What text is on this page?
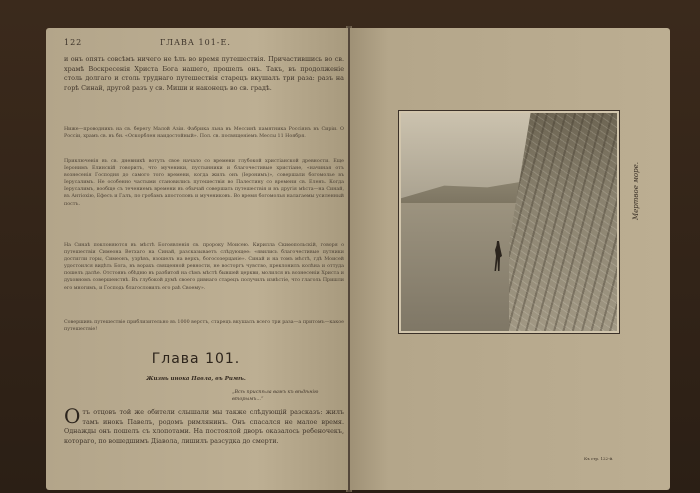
122	ГЛАВА 101-Е.
и онъ опять совсѣмъ ничего не ѣлъ во время путешествія. Причастившись во св. храмѣ Воскресенія Христа Бога нашего, прошелъ онъ. Такъ, въ продолженіе столь долгаго и столь труднаго путешествія старецъ вкушалъ три раза: разъ на горѣ Синай, другой разъ у св. Миши и наконецъ во св. градѣ.
Ниже—проводникъ на св. берегу Малой Азіи. Фабрика льна въ Мессинѣ памятника Россіянъ въ Сиріи. О Россіи, храмъ св. въ бн. «Оскорблен наидостойный». Пол. св. посвященіемъ Мессы 11 Ноября.
Приключенія въ св. дневникѣ вотуть свое начало со времени глубокой христіанской древности. Еще Іеронимъ Елинскій говоритъ, что мученики, пустынники и благочестивые христіане, «начиная отъ вознесенія Господня до самого того времени, когда жилъ онъ (Іеронимъ)», совершали богомолье въ Іерусалимъ. Не особенно частыми становились путешествія во Палестину со времени св. Еленъ. Когда Іерусалимъ, вообще съ течениемъ времени въ обычай совершать путешествія и въ другія мѣста—на Синай, въ Антіохію, Ефесъ и Галъ, по гробамъ апостоловъ и мучениковъ. Во время богомолья налагаемы усиленный постъ.
На Синаѣ поклоняются въ мѣстѣ Богоявленія св. пророку Моисею. Кирилла Скиѳопольскій, говоря о путешествіи Симеона Ветхаго на Синай, разсказываетъ слѣдующее: «явились благочестивые путники достигли горы, Симеонъ, узрѣвъ, взошелъ на верхъ, богосозерцаніе». Синай и на томъ мѣстѣ, гдѣ Моисей удостоился видѣть Бога, въ ворахъ священной ревности, не восторгъ чувство, преклонилъ колѣна и оттуда пошелъ далѣе. Отстоявъ обѣдню въ разбитой на сѣмъ мѣстѣ бывшей церкви, молился въ вознесеніи Христа и духовномъ совершенствѣ. Въ глубокой думѣ своего дивнаго старецъ получилъ извѣстіе, что глаголь Пришли его многимъ, и Господь благословилъ его раѣ Своему».
Совершивъ путешествіе приблизительно въ 1000 верстъ, старецъ вкушалъ всего три раза—а притомъ—какое путешествіе!
Глава 101.
Жизнь инока Павла, въ Римѣ.
„Всѣ приспѣла вамъ къ вѣдѣнію вторымъ...“
Отъ отцовъ той же обители слышали мы также слѣдующій разсказъ: жилъ тамъ инокъ Павелъ, родомъ римлянинъ. Онъ спасался не малое время. Однажды онъ пошелъ съ хлопотами. На постоялой дворъ оказалось ребеночекъ, котораго, по вошедшимъ Діавола, лишилъ разсудка до смерти.
Мертвое море.
Къ стр. 122-й.
